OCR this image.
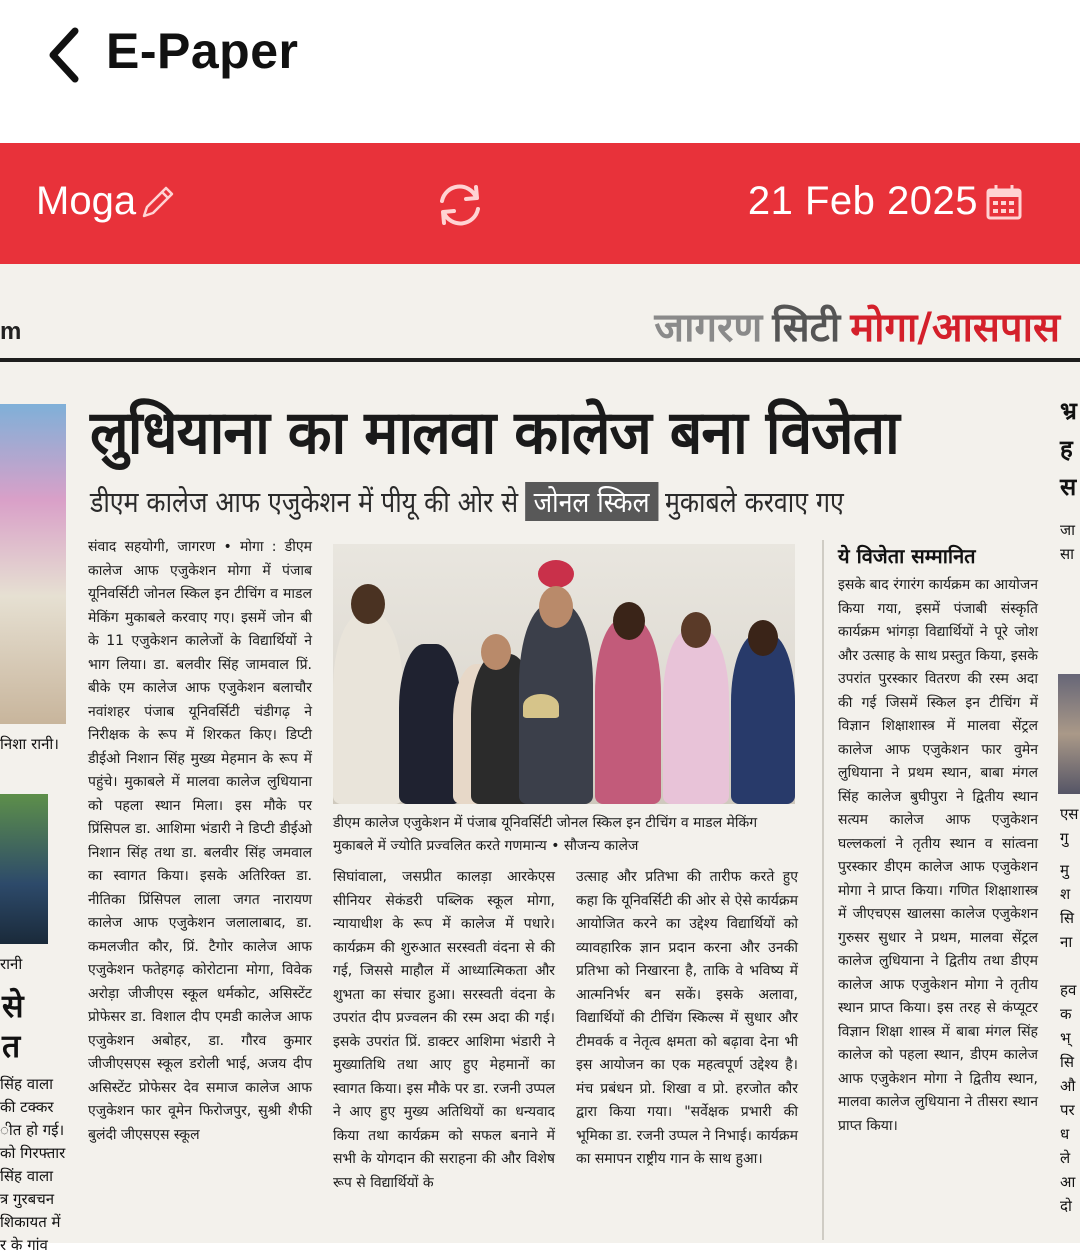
E-Paper
Moga	21 Feb 2025
m	जागरण सिटी मोगा/आसपास
निशा रानी।
रानी
से
त
सिंह वाला
की टक्कर
ीत हो गई।
को गिरफ्तार
सिंह वाला
त्र गुरबचन
शिकायत में
र के गांव
लुधियाना का मालवा कालेज बना विजेता
डीएम कालेज आफ एजुकेशन में पीयू की ओर से जोनल स्किल मुकाबले करवाए गए
संवाद सहयोगी, जागरण • मोगा : डीएम कालेज आफ एजुकेशन मोगा में पंजाब यूनिवर्सिटी जोनल स्किल इन टीचिंग व माडल मेकिंग मुकाबले करवाए गए। इसमें जोन बी के 11 एजुकेशन कालेजों के विद्यार्थियों ने भाग लिया। डा. बलवीर सिंह जामवाल प्रिं. बीके एम कालेज आफ एजुकेशन बलाचौर नवांशहर पंजाब यूनिवर्सिटी चंडीगढ़ ने निरीक्षक के रूप में शिरकत किए। डिप्टी डीईओ निशान सिंह मुख्य मेहमान के रूप में पहुंचे। मुकाबले में मालवा कालेज लुधियाना को पहला स्थान मिला। इस मौके पर प्रिंसिपल डा. आशिमा भंडारी ने डिप्टी डीईओ निशान सिंह तथा डा. बलवीर सिंह जमवाल का स्वागत किया। इसके अतिरिक्त डा. नीतिका प्रिंसिपल लाला जगत नारायण कालेज आफ एजुकेशन जलालाबाद, डा. कमलजीत कौर, प्रिं. टैगोर कालेज आफ एजुकेशन फतेहगढ़ कोरोटाना मोगा, विवेक अरोड़ा जीजीएस स्कूल धर्मकोट, असिस्टेंट प्रोफेसर डा. विशाल दीप एमडी कालेज आफ एजुकेशन अबोहर, डा. गौरव कुमार जीजीएसएस स्कूल डरोली भाई, अजय दीप असिस्टेंट प्रोफेसर देव समाज कालेज आफ एजुकेशन फार वूमेन फिरोजपुर, सुश्री शैफी बुलंदी जीएसएस स्कूल
डीएम कालेज एजुकेशन में पंजाब यूनिवर्सिटी जोनल स्किल इन टीचिंग व माडल मेकिंग मुकाबले में ज्योति प्रज्वलित करते गणमान्य • सौजन्य कालेज
सिघांवाला, जसप्रीत कालड़ा आरकेएस सीनियर सेकंडरी पब्लिक स्कूल मोगा, न्यायाधीश के रूप में कालेज में पधारे। कार्यक्रम की शुरुआत सरस्वती वंदना से की गई, जिससे माहौल में आध्यात्मिकता और शुभता का संचार हुआ। सरस्वती वंदना के उपरांत दीप प्रज्वलन की रस्म अदा की गई। इसके उपरांत प्रिं. डाक्टर आशिमा भंडारी ने मुख्यातिथि तथा आए हुए मेहमानों का स्वागत किया। इस मौके पर डा. रजनी उप्पल ने आए हुए मुख्य अतिथियों का धन्यवाद किया तथा कार्यक्रम को सफल बनाने में सभी के योगदान की सराहना की और विशेष रूप से विद्यार्थियों के
उत्साह और प्रतिभा की तारीफ करते हुए कहा कि यूनिवर्सिटी की ओर से ऐसे कार्यक्रम आयोजित करने का उद्देश्य विद्यार्थियों को व्यावहारिक ज्ञान प्रदान करना और उनकी प्रतिभा को निखारना है, ताकि वे भविष्य में आत्मनिर्भर बन सकें। इसके अलावा, विद्यार्थियों की टीचिंग स्किल्स में सुधार और टीमवर्क व नेतृत्व क्षमता को बढ़ावा देना भी इस आयोजन का एक महत्वपूर्ण उद्देश्य है। मंच प्रबंधन प्रो. शिखा व प्रो. हरजोत कौर द्वारा किया गया। "सर्वेक्षक प्रभारी की भूमिका डा. रजनी उप्पल ने निभाई। कार्यक्रम का समापन राष्ट्रीय गान के साथ हुआ।
ये विजेता सम्मानित
इसके बाद रंगारंग कार्यक्रम का आयोजन किया गया, इसमें पंजाबी संस्कृति कार्यक्रम भांगड़ा विद्यार्थियों ने पूरे जोश और उत्साह के साथ प्रस्तुत किया, इसके उपरांत पुरस्कार वितरण की रस्म अदा की गई जिसमें स्किल इन टीचिंग में विज्ञान शिक्षाशास्त्र में मालवा सेंट्रल कालेज आफ एजुकेशन फार वुमेन लुधियाना ने प्रथम स्थान, बाबा मंगल सिंह कालेज बुघीपुरा ने द्वितीय स्थान सत्यम कालेज आफ एजुकेशन घल्लकलां ने तृतीय स्थान व सांत्वना पुरस्कार डीएम कालेज आफ एजुकेशन मोगा ने प्राप्त किया। गणित शिक्षाशास्त्र में जीएचएस खालसा कालेज एजुकेशन गुरुसर सुधार ने प्रथम, मालवा सेंट्रल कालेज लुधियाना ने द्वितीय तथा डीएम कालेज आफ एजुकेशन मोगा ने तृतीय स्थान प्राप्त किया। इस तरह से कंप्यूटर विज्ञान शिक्षा शास्त्र में बाबा मंगल सिंह कालेज को पहला स्थान, डीएम कालेज आफ एजुकेशन मोगा ने द्वितीय स्थान, मालवा कालेज लुधियाना ने तीसरा स्थान प्राप्त किया।
भ्र
ह
स
जा
सा
एस
गु
मु
श
सि
ना
हव
क
भ्
सि
औ
पर
ध
ले
आ
दो
